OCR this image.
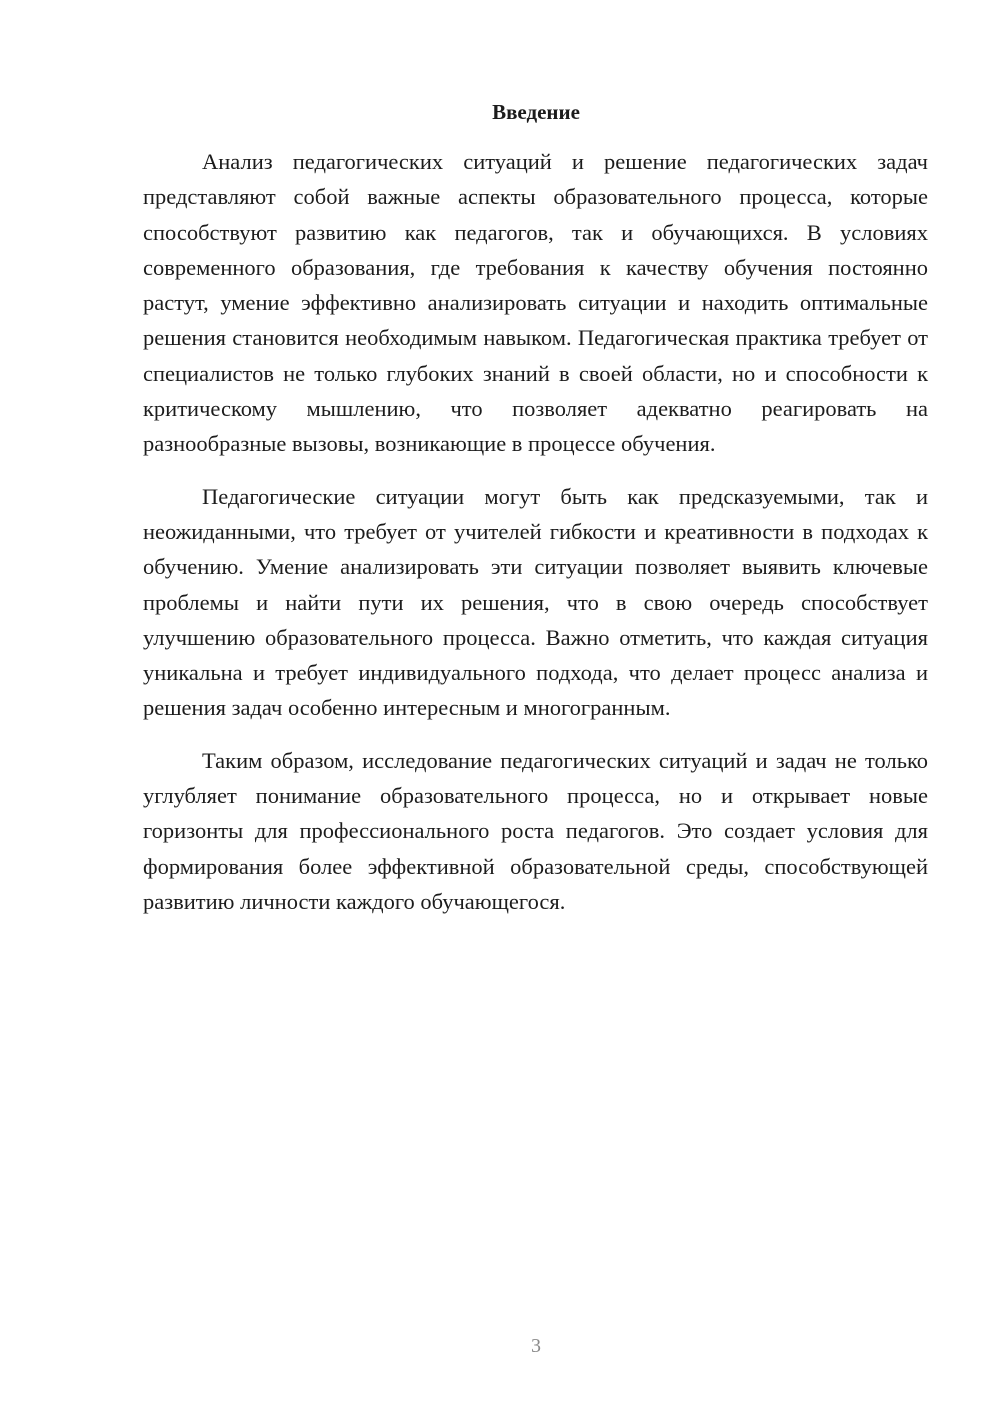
Введение

Анализ педагогических ситуаций и решение педагогических задач представляют собой важные аспекты образовательного процесса, которые способствуют развитию как педагогов, так и обучающихся. В условиях современного образования, где требования к качеству обучения постоянно растут, умение эффективно анализировать ситуации и находить оптимальные решения становится необходимым навыком. Педагогическая практика требует от специалистов не только глубоких знаний в своей области, но и способности к критическому мышлению, что позволяет адекватно реагировать на разнообразные вызовы, возникающие в процессе обучения.

Педагогические ситуации могут быть как предсказуемыми, так и неожиданными, что требует от учителей гибкости и креативности в подходах к обучению. Умение анализировать эти ситуации позволяет выявить ключевые проблемы и найти пути их решения, что в свою очередь способствует улучшению образовательного процесса. Важно отметить, что каждая ситуация уникальна и требует индивидуального подхода, что делает процесс анализа и решения задач особенно интересным и многогранным.

Таким образом, исследование педагогических ситуаций и задач не только углубляет понимание образовательного процесса, но и открывает новые горизонты для профессионального роста педагогов. Это создает условия для формирования более эффективной образовательной среды, способствующей развитию личности каждого обучающегося.

3
